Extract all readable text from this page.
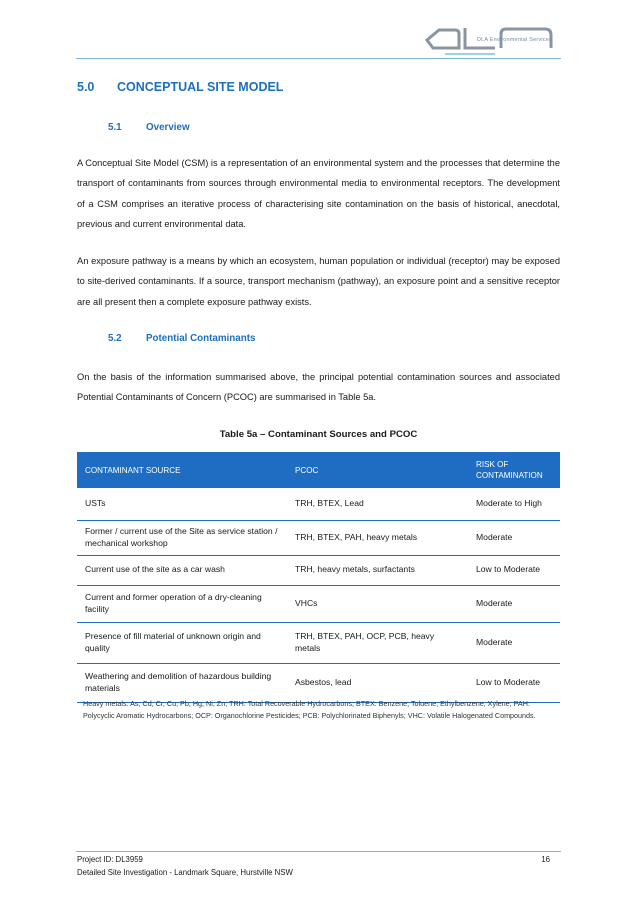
DLA Environmental Services
5.0 CONCEPTUAL SITE MODEL
5.1 Overview

A Conceptual Site Model (CSM) is a representation of an environmental system and the processes that determine the transport of contaminants from sources through environmental media to environmental receptors. The development of a CSM comprises an iterative process of characterising site contamination on the basis of historical, anecdotal, previous and current environmental data.

An exposure pathway is a means by which an ecosystem, human population or individual (receptor) may be exposed to site-derived contaminants. If a source, transport mechanism (pathway), an exposure point and a sensitive receptor are all present then a complete exposure pathway exists.

5.2 Potential Contaminants

On the basis of the information summarised above, the principal potential contamination sources and associated Potential Contaminants of Concern (PCOC) are summarised in Table 5a.

Table 5a – Contaminant Sources and PCOC

CONTAMINANT SOURCE	PCOC	RISK OF CONTAMINATION
USTs	TRH, BTEX, Lead	Moderate to High
Former / current use of the Site as service station / mechanical workshop	TRH, BTEX, PAH, heavy metals	Moderate
Current use of the site as a car wash	TRH, heavy metals, surfactants	Low to Moderate
Current and former operation of a dry-cleaning facility	VHCs	Moderate
Presence of fill material of unknown origin and quality	TRH, BTEX, PAH, OCP, PCB, heavy metals	Moderate
Weathering and demolition of hazardous building materials	Asbestos, lead	Low to Moderate

Heavy metals: As, Cd, Cr, Cu, Pb, Hg, Ni, Zn; TRH: Total Recoverable Hydrocarbons; BTEX: Benzene, Toluene, Ethylbenzene, Xylene; PAH: Polycyclic Aromatic Hydrocarbons; OCP: Organochlorine Pesticides; PCB: Polychlorinated Biphenyls; VHC: Volatile Halogenated Compounds.

Project ID: DL3959

Detailed Site Investigation - Landmark Square, Hurstville NSW

16
